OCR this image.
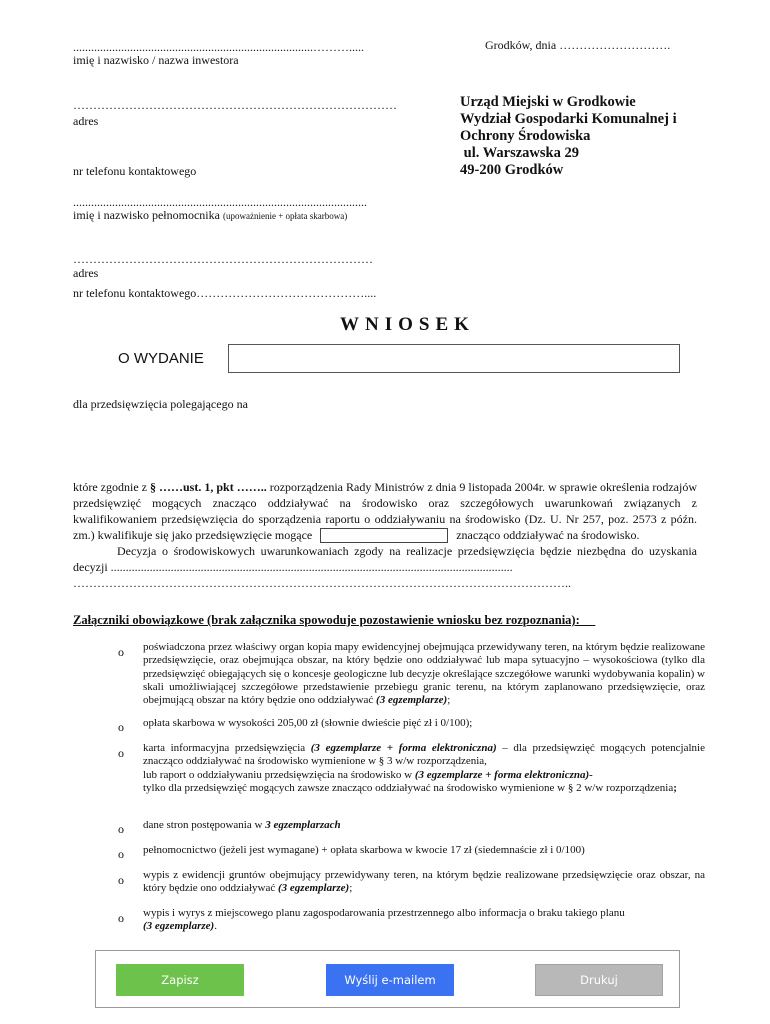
................................................................................……….....
imię i nazwisko / nazwa inwestora
Grodków, dnia ……………………….
………………………………………………………………………
adres
nr telefonu kontaktowego
..................................................................................................
imię i nazwisko pełnomocnika (upoważnienie + opłata skarbowa)
…………………………………………………………………
adres
nr telefonu kontaktowego……………………………………....
Urząd Miejski w Grodkowie
Wydział Gospodarki Komunalnej i
Ochrony Środowiska
ul. Warszawska 29
49-200 Grodków
WNIOSEK
O WYDANIE
dla przedsięwzięcia polegającego na

które zgodnie z § ……ust. 1, pkt …….. rozporządzenia Rady Ministrów z dnia 9 listopada 2004r. w sprawie określenia rodzajów przedsięwzięć mogących znacząco oddziaływać na środowisko oraz szczegółowych uwarunkowań związanych z kwalifikowaniem przedsięwzięcia do sporządzenia raportu o oddziaływaniu na środowisko (Dz. U. Nr 257, poz. 2573 z późn. zm.) kwalifikuje się jako przedsięwzięcie mogące	znacząco oddziaływać na środowisko.

Decyzja o środowiskowych uwarunkowaniach zgody na realizacje przedsięwzięcia będzie niezbędna do uzyskania decyzji ......................................................................................................................................

……………………………………………………………………………………………………………..

Załączniki obowiązkowe (brak załącznika spowoduje pozostawienie wniosku bez rozpoznania):
o poświadczona przez właściwy organ kopia mapy ewidencyjnej obejmująca przewidywany teren, na którym będzie realizowane przedsięwzięcie, oraz obejmująca obszar, na który będzie ono oddziaływać lub mapa sytuacyjno – wysokościowa (tylko dla przedsięwzięć obiegających się o koncesje geologiczne lub decyzje określające szczegółowe warunki wydobywania kopalin) w skali umożliwiającej szczegółowe przedstawienie przebiegu granic terenu, na którym zaplanowano przedsięwzięcie, oraz obejmującą obszar na który będzie ono oddziaływać (3 egzemplarze);
o opłata skarbowa w wysokości 205,00 zł (słownie dwieście pięć zł i 0/100);
o karta informacyjna przedsięwzięcia (3 egzemplarze + forma elektroniczna) – dla przedsięwzięć mogących potencjalnie znacząco oddziaływać na środowisko wymienione w § 3 w/w rozporządzenia,
lub raport o oddziaływaniu przedsięwzięcia na środowisko w (3 egzemplarze + forma elektroniczna)-
tylko dla przedsięwzięć mogących zawsze znacząco oddziaływać na środowisko wymienione w § 2 w/w rozporządzenia;
o dane stron postępowania w 3 egzemplarzach
o pełnomocnictwo (jeżeli jest wymagane) + opłata skarbowa w kwocie 17 zł (siedemnaście zł i 0/100)
o wypis z ewidencji gruntów obejmujący przewidywany teren, na którym będzie realizowane przedsięwzięcie oraz obszar, na który będzie ono oddziaływać (3 egzemplarze);
o wypis i wyrys z miejscowego planu zagospodarowania przestrzennego albo informacja o braku takiego planu
(3 egzemplarze).
Zapisz	Wyślij e-mailem	Drukuj
